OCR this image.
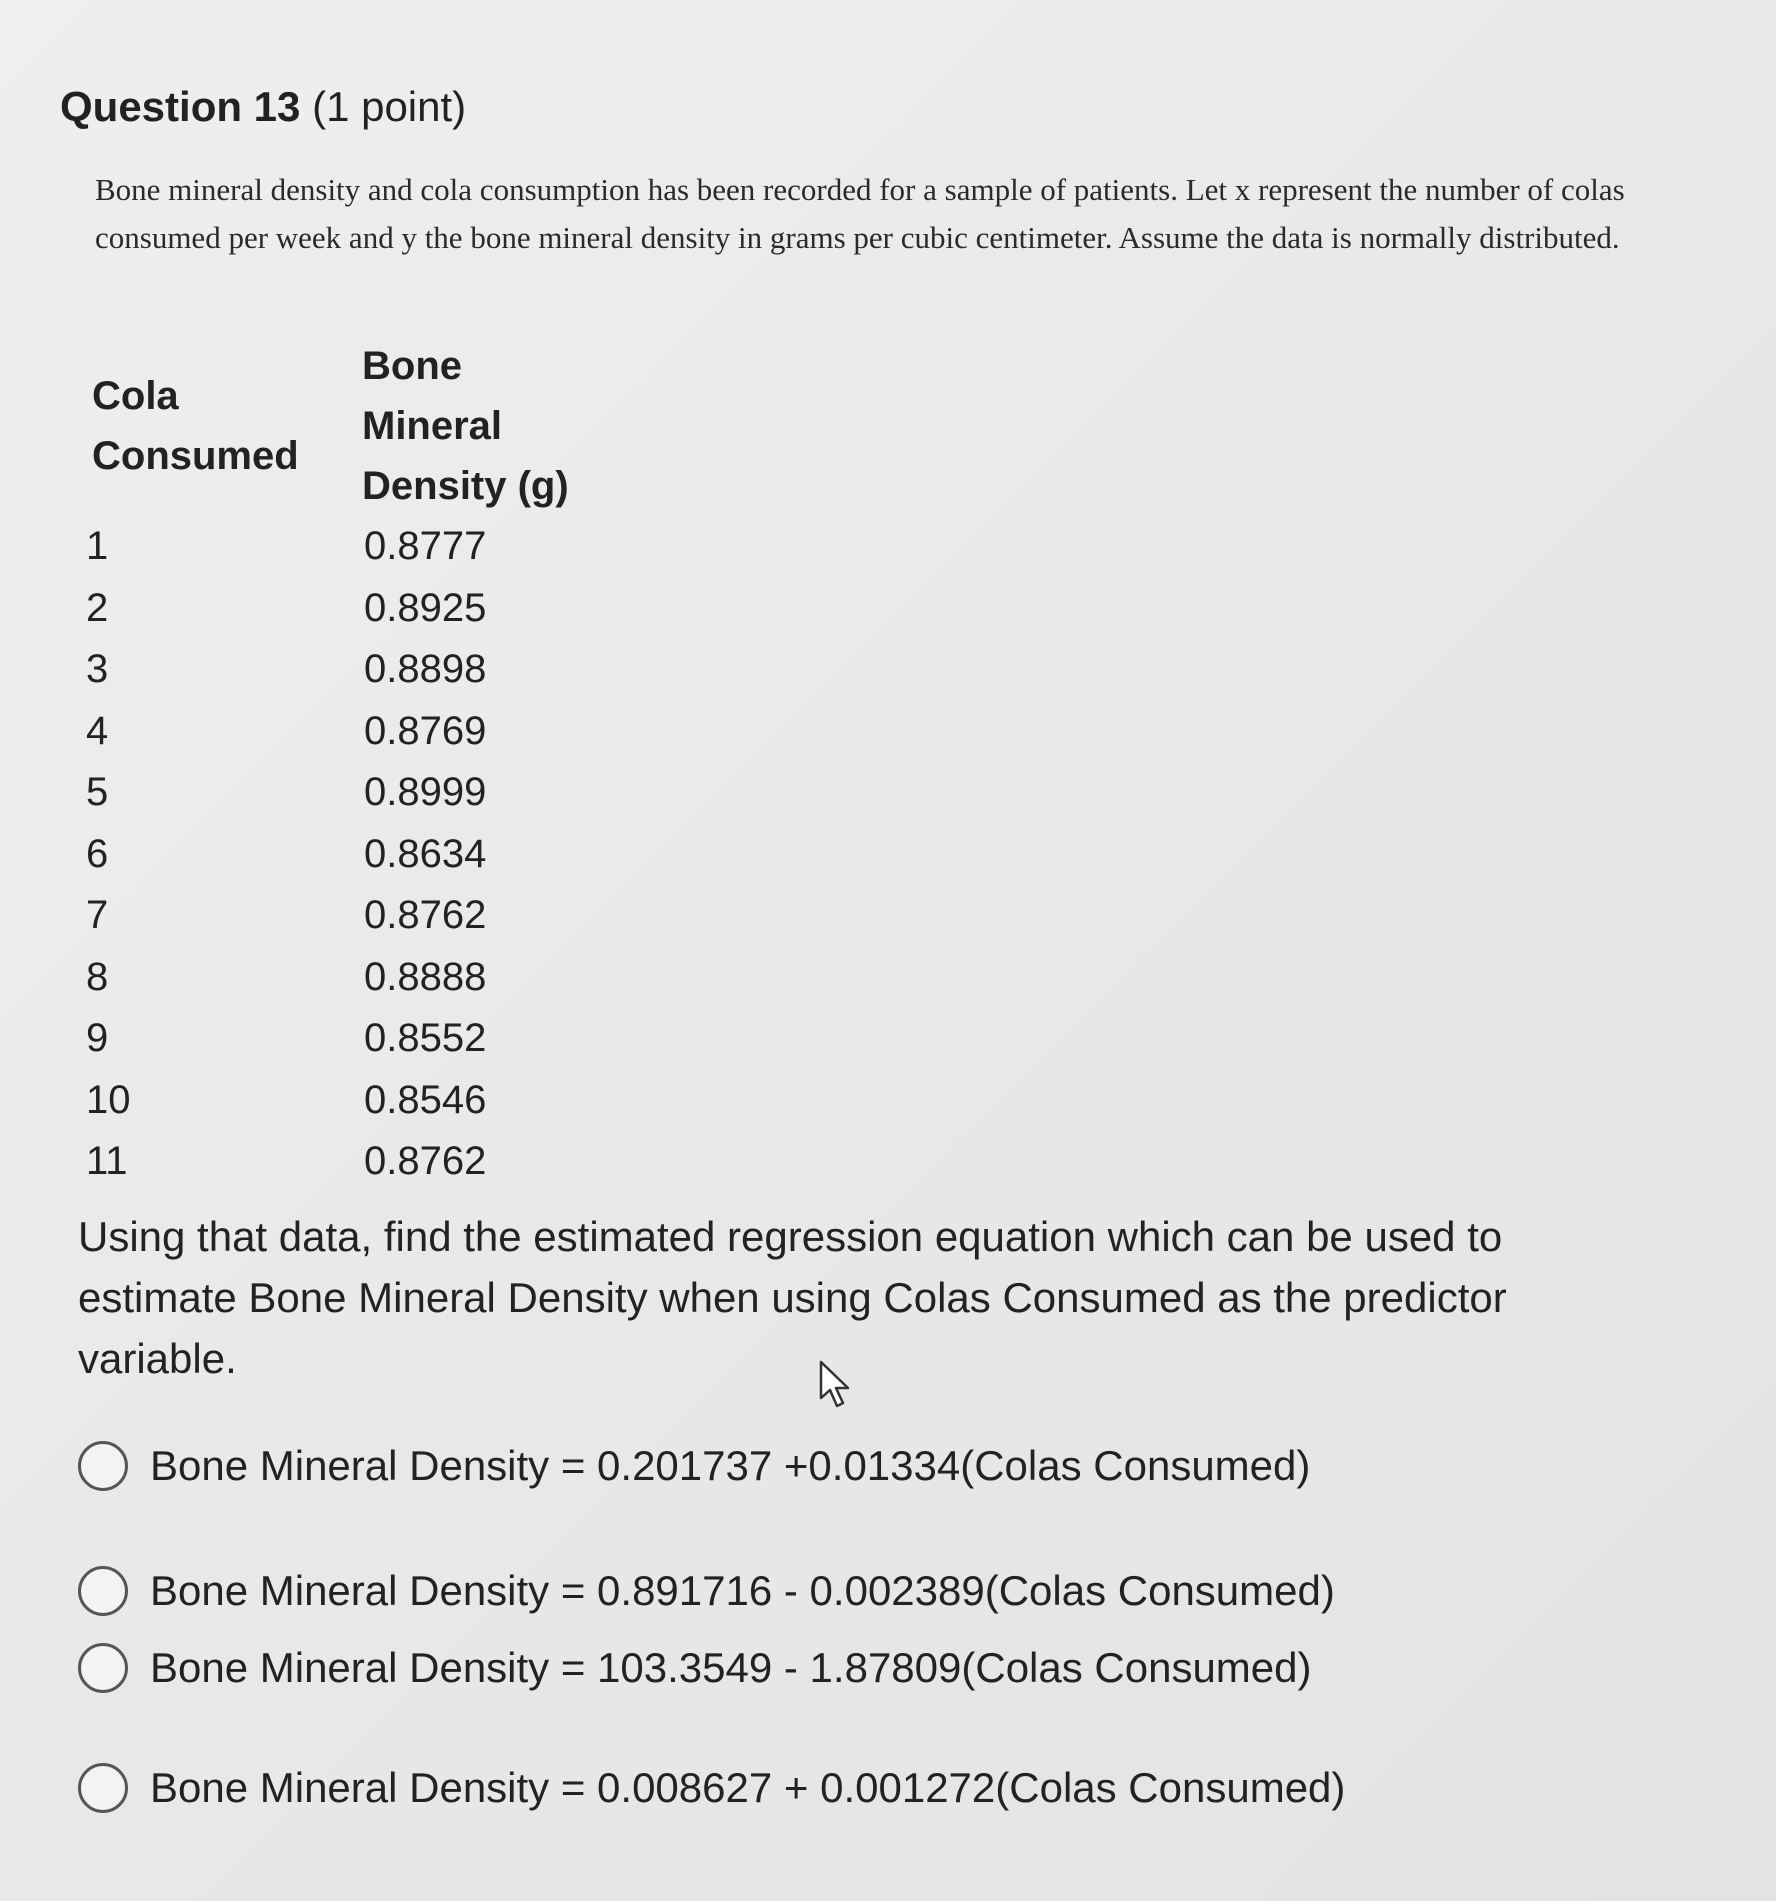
Question 13 (1 point)
Bone mineral density and cola consumption has been recorded for a sample of patients. Let x represent the number of colas consumed per week and y the bone mineral density in grams per cubic centimeter. Assume the data is normally distributed.
Cola
Consumed	Bone
Mineral
Density (g)
1	0.8777
2	0.8925
3	0.8898
4	0.8769
5	0.8999
6	0.8634
7	0.8762
8	0.8888
9	0.8552
10	0.8546
11	0.8762
Using that data, find the estimated regression equation which can be used to estimate Bone Mineral Density when using Colas Consumed as the predictor variable.
Bone Mineral Density = 0.201737 +0.01334(Colas Consumed)
Bone Mineral Density = 0.891716 - 0.002389(Colas Consumed)
Bone Mineral Density = 103.3549 - 1.87809(Colas Consumed)
Bone Mineral Density = 0.008627 + 0.001272(Colas Consumed)
